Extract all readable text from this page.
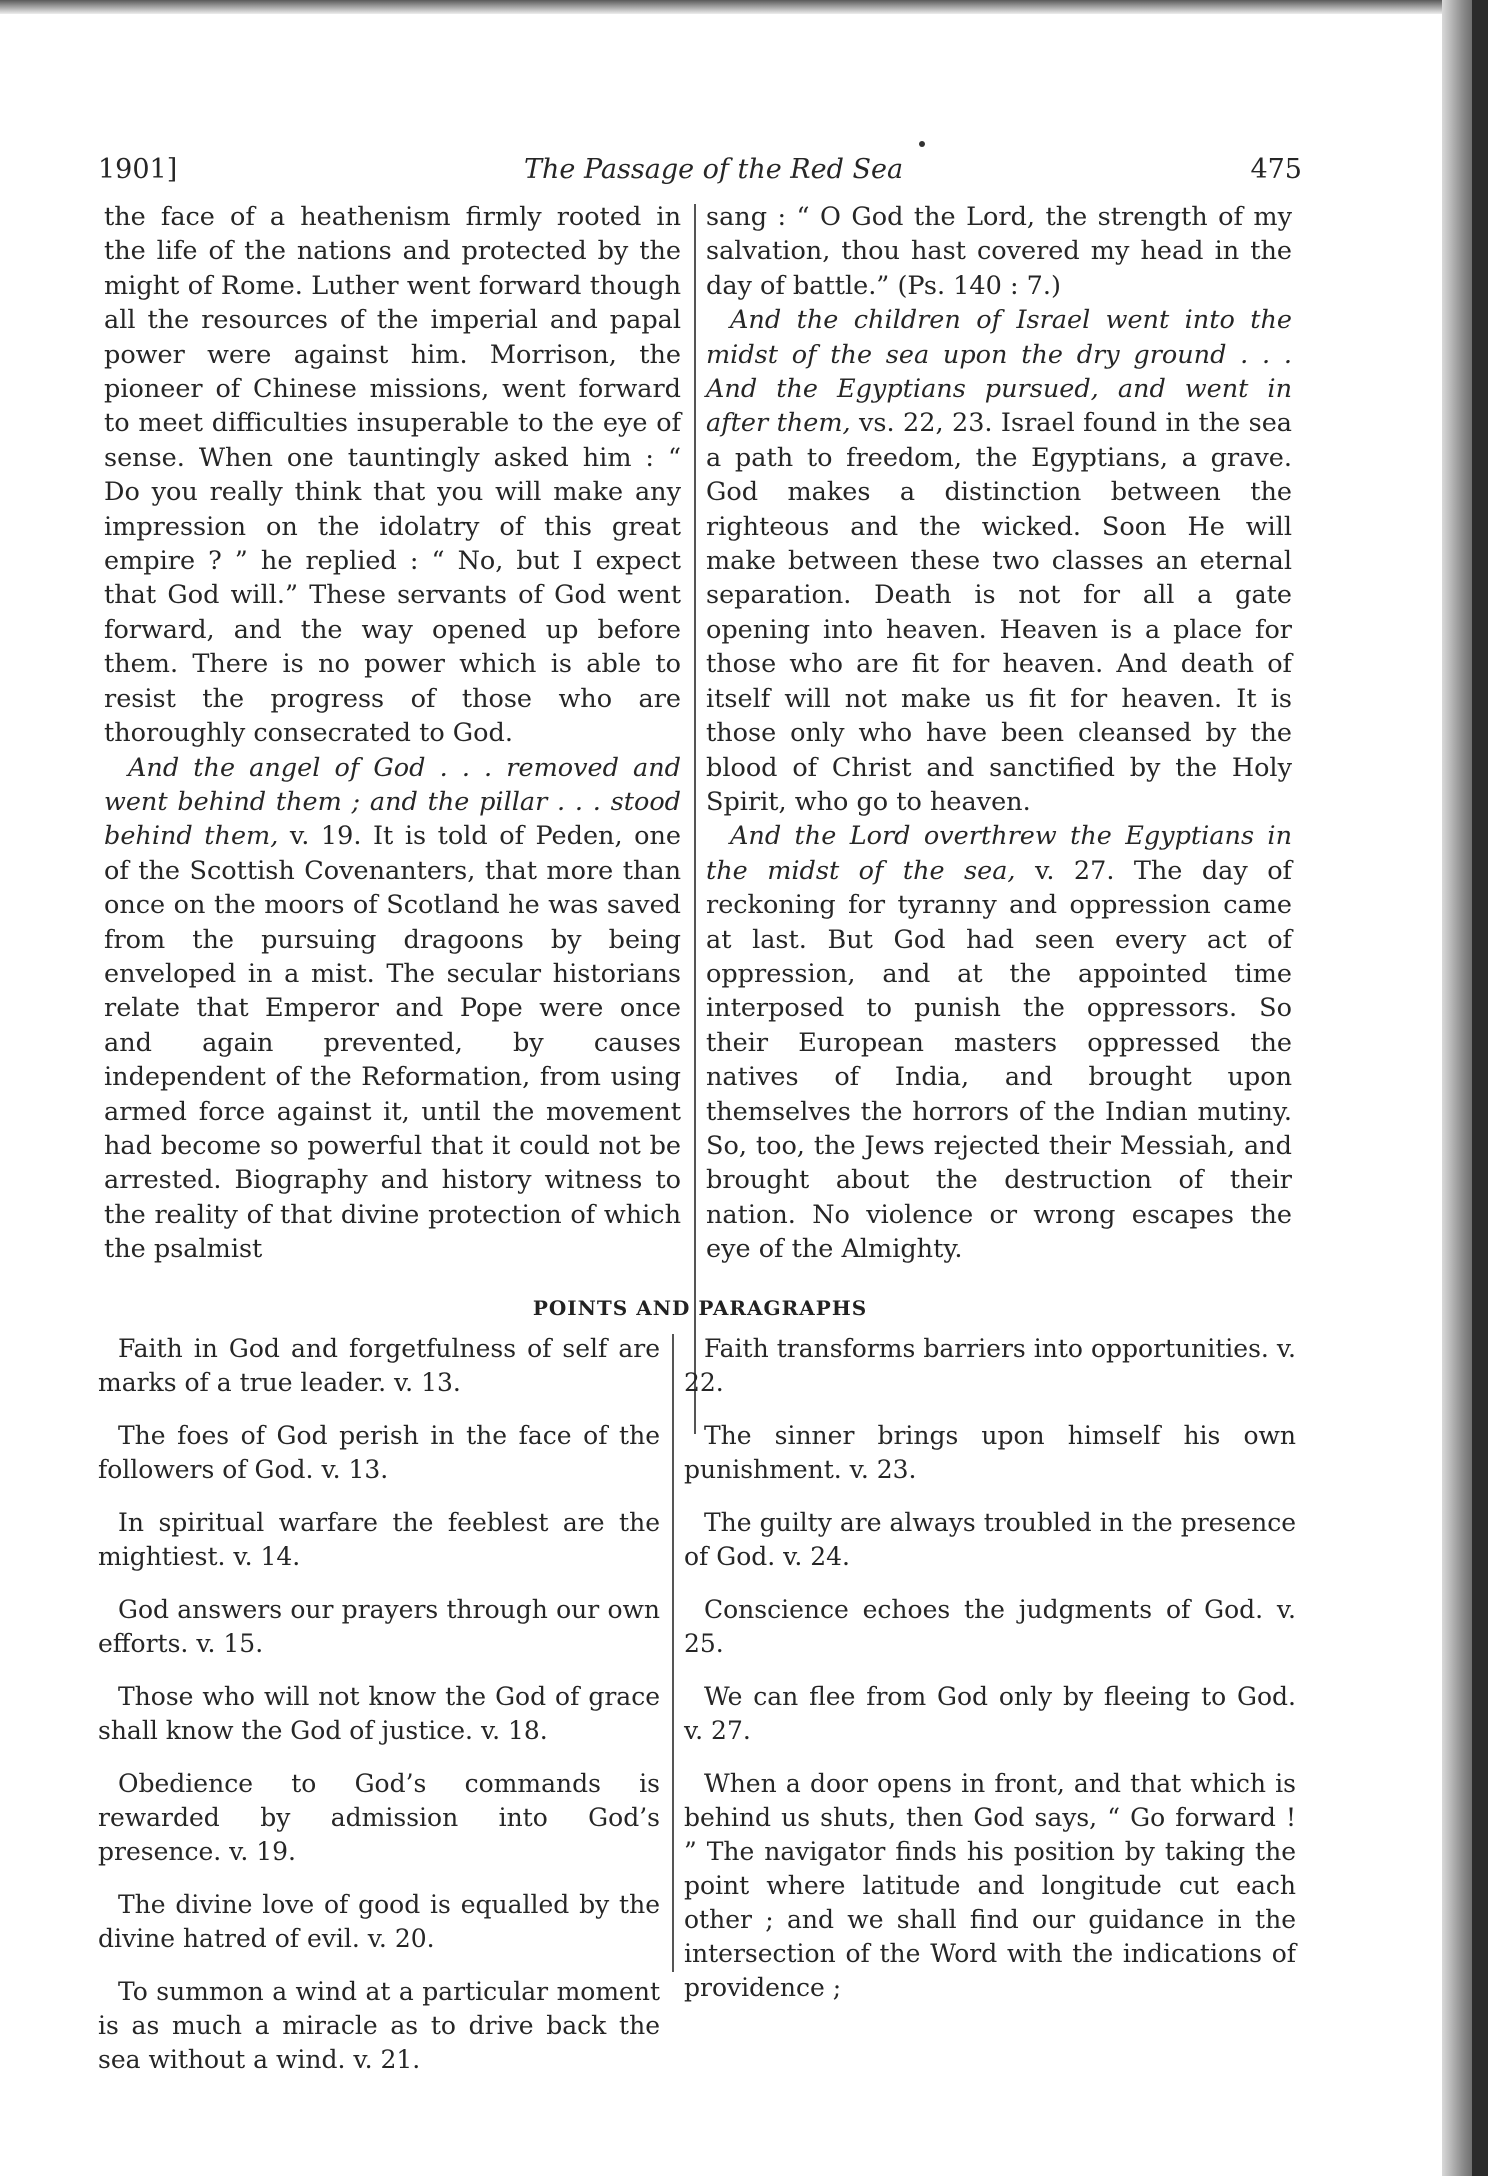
1901]	The Passage of the Red Sea	475

the face of a heathenism firmly rooted in the life of the nations and protected by the might of Rome. Luther went forward though all the resources of the imperial and papal power were against him. Morrison, the pioneer of Chinese missions, went forward to meet difficulties insuperable to the eye of sense. When one tauntingly asked him : “ Do you really think that you will make any impression on the idolatry of this great empire ? ” he replied : “ No, but I expect that God will.” These servants of God went forward, and the way opened up before them. There is no power which is able to resist the progress of those who are thoroughly consecrated to God.

And the angel of God . . . removed and went behind them ; and the pillar . . . stood behind them, v. 19. It is told of Peden, one of the Scottish Covenanters, that more than once on the moors of Scotland he was saved from the pursuing dragoons by being enveloped in a mist. The secular historians relate that Emperor and Pope were once and again prevented, by causes independent of the Reformation, from using armed force against it, until the movement had become so powerful that it could not be arrested. Biography and history witness to the reality of that divine protection of which the psalmist

sang : “ O God the Lord, the strength of my salvation, thou hast covered my head in the day of battle.” (Ps. 140 : 7.)

And the children of Israel went into the midst of the sea upon the dry ground . . . And the Egyptians pursued, and went in after them, vs. 22, 23. Israel found in the sea a path to freedom, the Egyptians, a grave. God makes a distinction between the righteous and the wicked. Soon He will make between these two classes an eternal separation. Death is not for all a gate opening into heaven. Heaven is a place for those who are fit for heaven. And death of itself will not make us fit for heaven. It is those only who have been cleansed by the blood of Christ and sanctified by the Holy Spirit, who go to heaven.

And the Lord overthrew the Egyptians in the midst of the sea, v. 27. The day of reckoning for tyranny and oppression came at last. But God had seen every act of oppression, and at the appointed time interposed to punish the oppressors. So their European masters oppressed the natives of India, and brought upon themselves the horrors of the Indian mutiny. So, too, the Jews rejected their Messiah, and brought about the destruction of their nation. No violence or wrong escapes the eye of the Almighty.

POINTS AND PARAGRAPHS

Faith in God and forgetfulness of self are marks of a true leader. v. 13.

The foes of God perish in the face of the followers of God. v. 13.

In spiritual warfare the feeblest are the mightiest. v. 14.

God answers our prayers through our own efforts. v. 15.

Those who will not know the God of grace shall know the God of justice. v. 18.

Obedience to God’s commands is rewarded by admission into God’s presence. v. 19.

The divine love of good is equalled by the divine hatred of evil. v. 20.

To summon a wind at a particular moment is as much a miracle as to drive back the sea without a wind. v. 21.

Faith transforms barriers into opportunities. v. 22.

The sinner brings upon himself his own punishment. v. 23.

The guilty are always troubled in the presence of God. v. 24.

Conscience echoes the judgments of God. v. 25.

We can flee from God only by fleeing to God. v. 27.

When a door opens in front, and that which is behind us shuts, then God says, “ Go forward ! ” The navigator finds his position by taking the point where latitude and longitude cut each other ; and we shall find our guidance in the intersection of the Word with the indications of providence ;
